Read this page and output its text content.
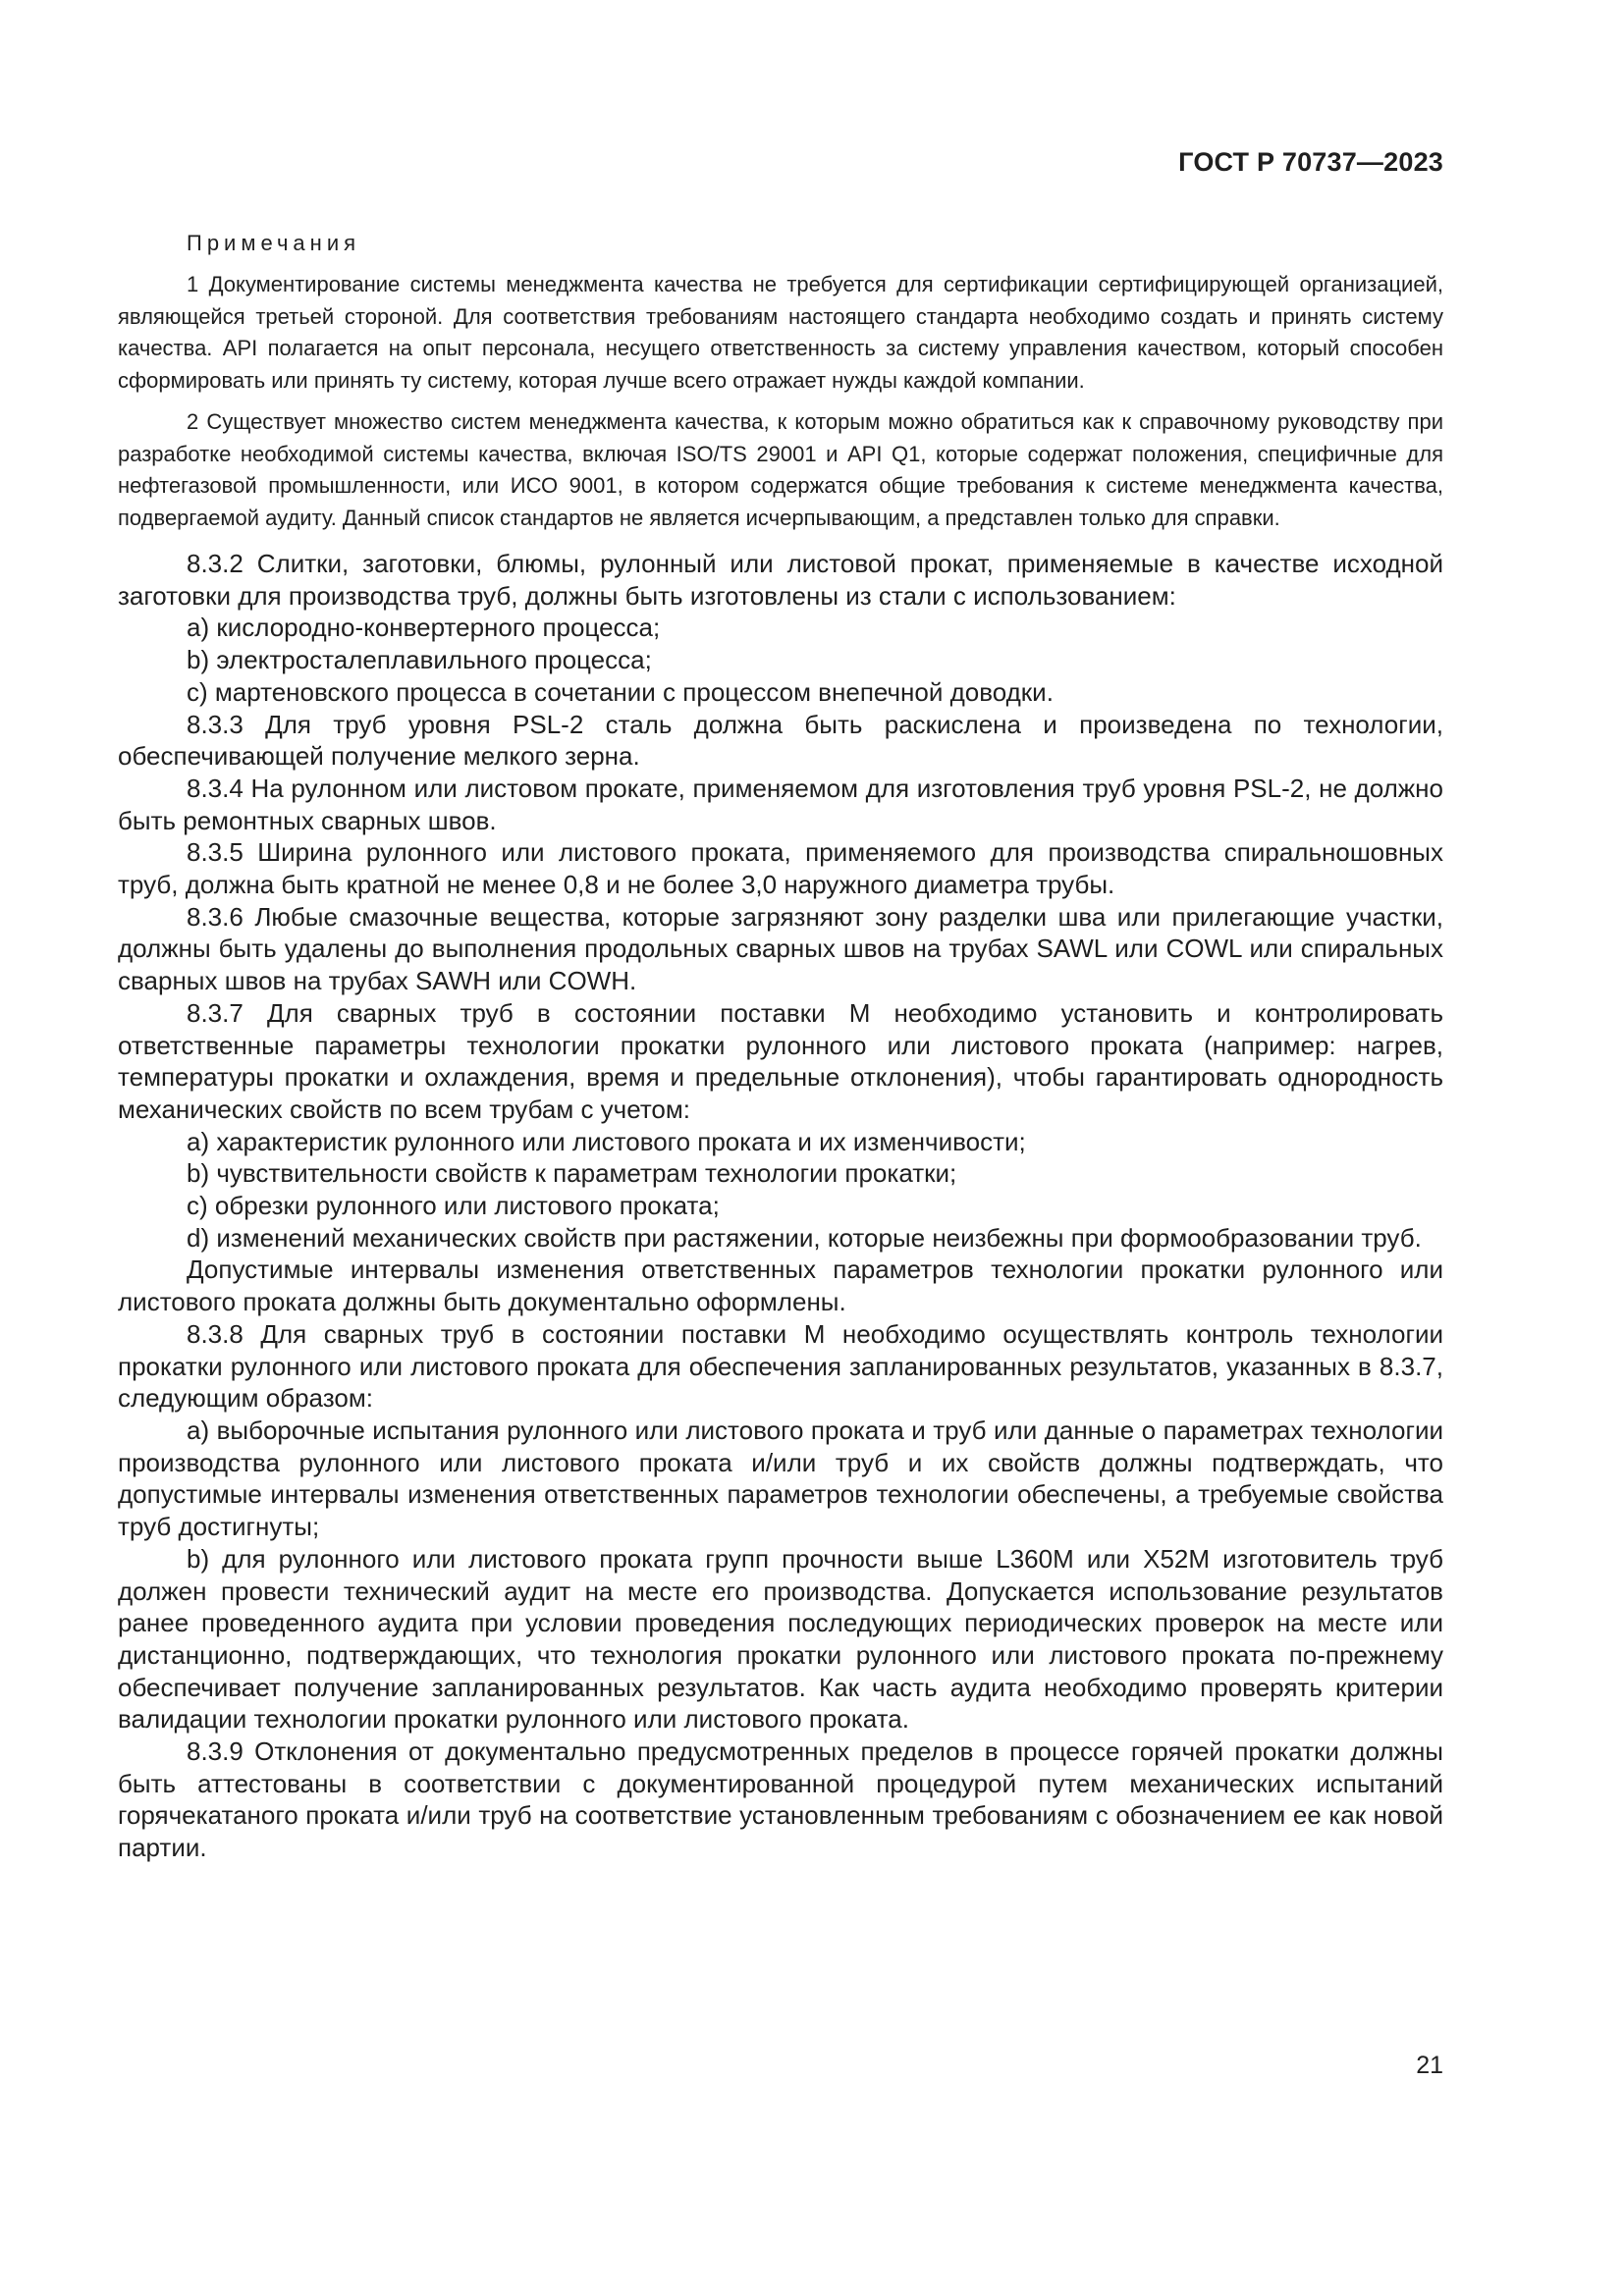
ГОСТ Р 70737—2023
Примечания

1 Документирование системы менеджмента качества не требуется для сертификации сертифицирующей организацией, являющейся третьей стороной. Для соответствия требованиям настоящего стандарта необходимо создать и принять систему качества. API полагается на опыт персонала, несущего ответственность за систему управления качеством, который способен сформировать или принять ту систему, которая лучше всего отражает нужды каждой компании.

2 Существует множество систем менеджмента качества, к которым можно обратиться как к справочному руководству при разработке необходимой системы качества, включая ISO/TS 29001 и API Q1, которые содержат положения, специфичные для нефтегазовой промышленности, или ИСО 9001, в котором содержатся общие требования к системе менеджмента качества, подвергаемой аудиту. Данный список стандартов не является исчерпывающим, а представлен только для справки.

8.3.2 Слитки, заготовки, блюмы, рулонный или листовой прокат, применяемые в качестве исходной заготовки для производства труб, должны быть изготовлены из стали с использованием:

a) кислородно-конвертерного процесса;

b) электросталеплавильного процесса;

c) мартеновского процесса в сочетании с процессом внепечной доводки.

8.3.3 Для труб уровня PSL-2 сталь должна быть раскислена и произведена по технологии, обеспечивающей получение мелкого зерна.

8.3.4 На рулонном или листовом прокате, применяемом для изготовления труб уровня PSL-2, не должно быть ремонтных сварных швов.

8.3.5 Ширина рулонного или листового проката, применяемого для производства спиральношовных труб, должна быть кратной не менее 0,8 и не более 3,0 наружного диаметра трубы.

8.3.6 Любые смазочные вещества, которые загрязняют зону разделки шва или прилегающие участки, должны быть удалены до выполнения продольных сварных швов на трубах SAWL или COWL или спиральных сварных швов на трубах SAWH или COWH.

8.3.7 Для сварных труб в состоянии поставки M необходимо установить и контролировать ответственные параметры технологии прокатки рулонного или листового проката (например: нагрев, температуры прокатки и охлаждения, время и предельные отклонения), чтобы гарантировать однородность механических свойств по всем трубам с учетом:

a) характеристик рулонного или листового проката и их изменчивости;

b) чувствительности свойств к параметрам технологии прокатки;

c) обрезки рулонного или листового проката;

d) изменений механических свойств при растяжении, которые неизбежны при формообразовании труб.

Допустимые интервалы изменения ответственных параметров технологии прокатки рулонного или листового проката должны быть документально оформлены.

8.3.8 Для сварных труб в состоянии поставки M необходимо осуществлять контроль технологии прокатки рулонного или листового проката для обеспечения запланированных результатов, указанных в 8.3.7, следующим образом:

a) выборочные испытания рулонного или листового проката и труб или данные о параметрах технологии производства рулонного или листового проката и/или труб и их свойств должны подтверждать, что допустимые интервалы изменения ответственных параметров технологии обеспечены, а требуемые свойства труб достигнуты;

b) для рулонного или листового проката групп прочности выше L360M или X52M изготовитель труб должен провести технический аудит на месте его производства. Допускается использование результатов ранее проведенного аудита при условии проведения последующих периодических проверок на месте или дистанционно, подтверждающих, что технология прокатки рулонного или листового проката по-прежнему обеспечивает получение запланированных результатов. Как часть аудита необходимо проверять критерии валидации технологии прокатки рулонного или листового проката.

8.3.9 Отклонения от документально предусмотренных пределов в процессе горячей прокатки должны быть аттестованы в соответствии с документированной процедурой путем механических испытаний горячекатаного проката и/или труб на соответствие установленным требованиям с обозначением ее как новой партии.

21
